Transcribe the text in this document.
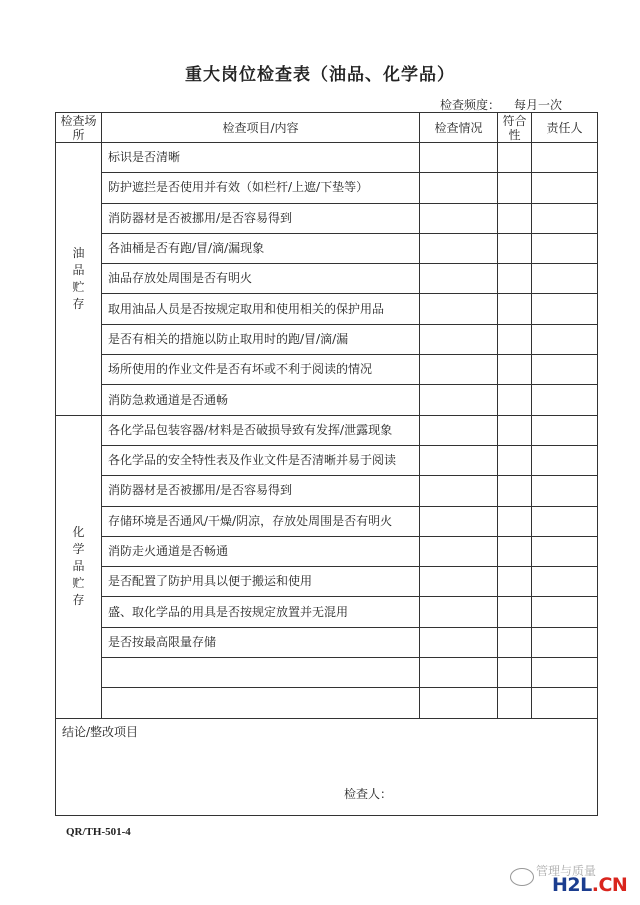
重大岗位检查表（油品、化学品）
检查频度： 每月一次
检查场所	检查项目/内容	检查情况	符合性	责任人

油
品
贮
存	标识是否清晰			
	防护遮拦是否使用并有效（如栏杆/上遮/下垫等）			
	消防器材是否被挪用/是否容易得到			
	各油桶是否有跑/冒/滴/漏现象			
	油品存放处周围是否有明火			
	取用油品人员是否按规定取用和使用相关的保护用品			
	是否有相关的措施以防止取用时的跑/冒/滴/漏			
	场所使用的作业文件是否有坏或不利于阅读的情况			
	消防急救通道是否通畅			

化
学
品
贮
存	各化学品包装容器/材料是否破损导致有发挥/泄露现象			
	各化学品的安全特性表及作业文件是否清晰并易于阅读			
	消防器材是否被挪用/是否容易得到			
	存储环境是否通风/干燥/阴凉，存放处周围是否有明火			
	消防走火通道是否畅通			
	是否配置了防护用具以便于搬运和使用			
	盛、取化学品的用具是否按规定放置并无混用			
	是否按最高限量存储			

结论/整改项目
检查人：				
QR/TH-501-4
管理与质量
H2L.CN
